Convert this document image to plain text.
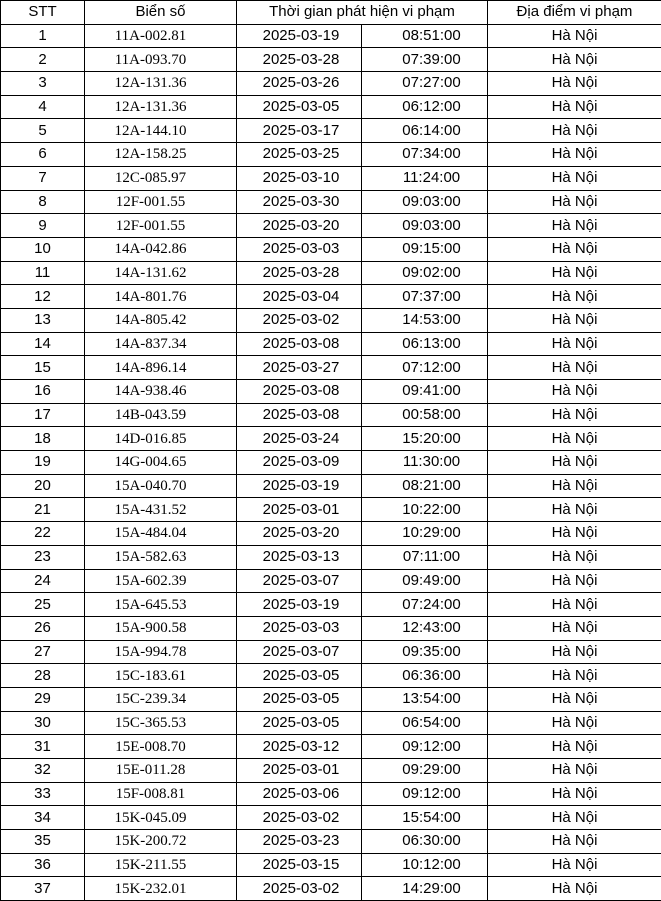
STT	Biển số	Thời gian phát hiện vi phạm		Địa điểm vi phạm
1	11A-002.81	2025-03-19	08:51:00	Hà Nội
2	11A-093.70	2025-03-28	07:39:00	Hà Nội
3	12A-131.36	2025-03-26	07:27:00	Hà Nội
4	12A-131.36	2025-03-05	06:12:00	Hà Nội
5	12A-144.10	2025-03-17	06:14:00	Hà Nội
6	12A-158.25	2025-03-25	07:34:00	Hà Nội
7	12C-085.97	2025-03-10	11:24:00	Hà Nội
8	12F-001.55	2025-03-30	09:03:00	Hà Nội
9	12F-001.55	2025-03-20	09:03:00	Hà Nội
10	14A-042.86	2025-03-03	09:15:00	Hà Nội
11	14A-131.62	2025-03-28	09:02:00	Hà Nội
12	14A-801.76	2025-03-04	07:37:00	Hà Nội
13	14A-805.42	2025-03-02	14:53:00	Hà Nội
14	14A-837.34	2025-03-08	06:13:00	Hà Nội
15	14A-896.14	2025-03-27	07:12:00	Hà Nội
16	14A-938.46	2025-03-08	09:41:00	Hà Nội
17	14B-043.59	2025-03-08	00:58:00	Hà Nội
18	14D-016.85	2025-03-24	15:20:00	Hà Nội
19	14G-004.65	2025-03-09	11:30:00	Hà Nội
20	15A-040.70	2025-03-19	08:21:00	Hà Nội
21	15A-431.52	2025-03-01	10:22:00	Hà Nội
22	15A-484.04	2025-03-20	10:29:00	Hà Nội
23	15A-582.63	2025-03-13	07:11:00	Hà Nội
24	15A-602.39	2025-03-07	09:49:00	Hà Nội
25	15A-645.53	2025-03-19	07:24:00	Hà Nội
26	15A-900.58	2025-03-03	12:43:00	Hà Nội
27	15A-994.78	2025-03-07	09:35:00	Hà Nội
28	15C-183.61	2025-03-05	06:36:00	Hà Nội
29	15C-239.34	2025-03-05	13:54:00	Hà Nội
30	15C-365.53	2025-03-05	06:54:00	Hà Nội
31	15E-008.70	2025-03-12	09:12:00	Hà Nội
32	15E-011.28	2025-03-01	09:29:00	Hà Nội
33	15F-008.81	2025-03-06	09:12:00	Hà Nội
34	15K-045.09	2025-03-02	15:54:00	Hà Nội
35	15K-200.72	2025-03-23	06:30:00	Hà Nội
36	15K-211.55	2025-03-15	10:12:00	Hà Nội
37	15K-232.01	2025-03-02	14:29:00	Hà Nội
